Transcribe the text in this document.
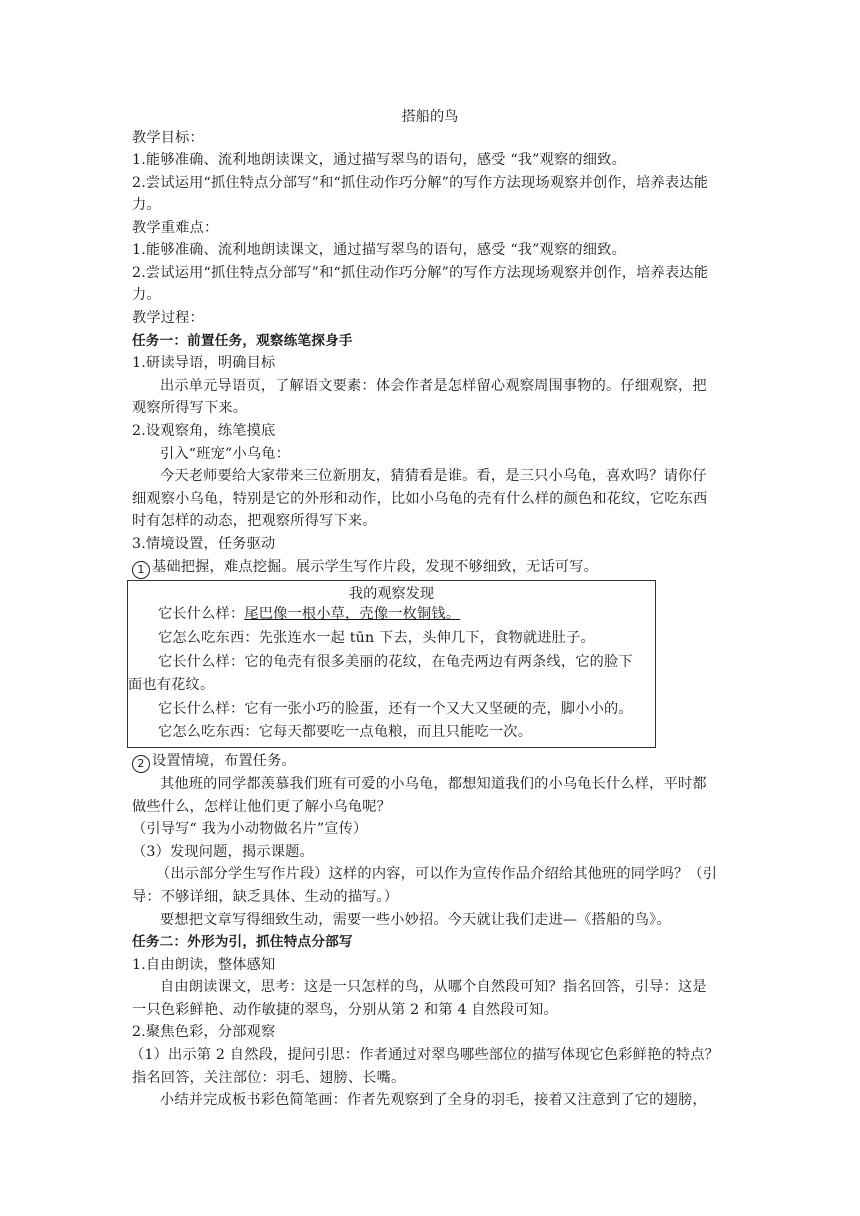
搭船的鸟
教学目标：
1.能够准确、流利地朗读课文，通过描写翠鸟的语句，感受 “我”观察的细致。
2.尝试运用“抓住特点分部写”和“抓住动作巧分解”的写作方法现场观察并创作，培养表达能
力。
教学重难点：
1.能够准确、流利地朗读课文，通过描写翠鸟的语句，感受 “我”观察的细致。
2.尝试运用“抓住特点分部写”和“抓住动作巧分解”的写作方法现场观察并创作，培养表达能
力。
教学过程：
任务一：前置任务，观察练笔探身手
1.研读导语，明确目标
出示单元导语页，了解语文要素：体会作者是怎样留心观察周围事物的。仔细观察，把
观察所得写下来。
2.设观察角，练笔摸底
引入“班宠”小乌龟：
今天老师要给大家带来三位新朋友，猜猜看是谁。看，是三只小乌龟，喜欢吗？请你仔
细观察小乌龟，特别是它的外形和动作，比如小乌龟的壳有什么样的颜色和花纹，它吃东西
时有怎样的动态，把观察所得写下来。
3.情境设置，任务驱动
1 基础把握，难点挖掘。展示学生写作片段，发现不够细致，无话可写。
我的观察发现
它长什么样：尾巴像一根小草，壳像一枚铜钱。
它怎么吃东西：先张连水一起 tūn 下去，头伸几下，食物就进肚子。
它长什么样：它的龟壳有很多美丽的花纹，在龟壳两边有两条线，它的脸下
面也有花纹。
它长什么样：它有一张小巧的脸蛋，还有一个又大又坚硬的壳，脚小小的。
它怎么吃东西：它每天都要吃一点龟粮，而且只能吃一次。
2 设置情境，布置任务。
其他班的同学都羡慕我们班有可爱的小乌龟，都想知道我们的小乌龟长什么样，平时都
做些什么，怎样让他们更了解小乌龟呢？
（引导写“ 我为小动物做名片”宣传）
（3）发现问题，揭示课题。
（出示部分学生写作片段）这样的内容，可以作为宣传作品介绍给其他班的同学吗？（引
导：不够详细，缺乏具体、生动的描写。）
要想把文章写得细致生动，需要一些小妙招。今天就让我们走进—《搭船的鸟》。
任务二：外形为引，抓住特点分部写
1.自由朗读，整体感知
自由朗读课文，思考：这是一只怎样的鸟，从哪个自然段可知？指名回答，引导：这是
一只色彩鲜艳、动作敏捷的翠鸟，分别从第 2 和第 4 自然段可知。
2.聚焦色彩，分部观察
（1）出示第 2 自然段，提问引思：作者通过对翠鸟哪些部位的描写体现它色彩鲜艳的特点？
指名回答，关注部位：羽毛、翅膀、长嘴。
小结并完成板书彩色简笔画：作者先观察到了全身的羽毛，接着又注意到了它的翅膀，
